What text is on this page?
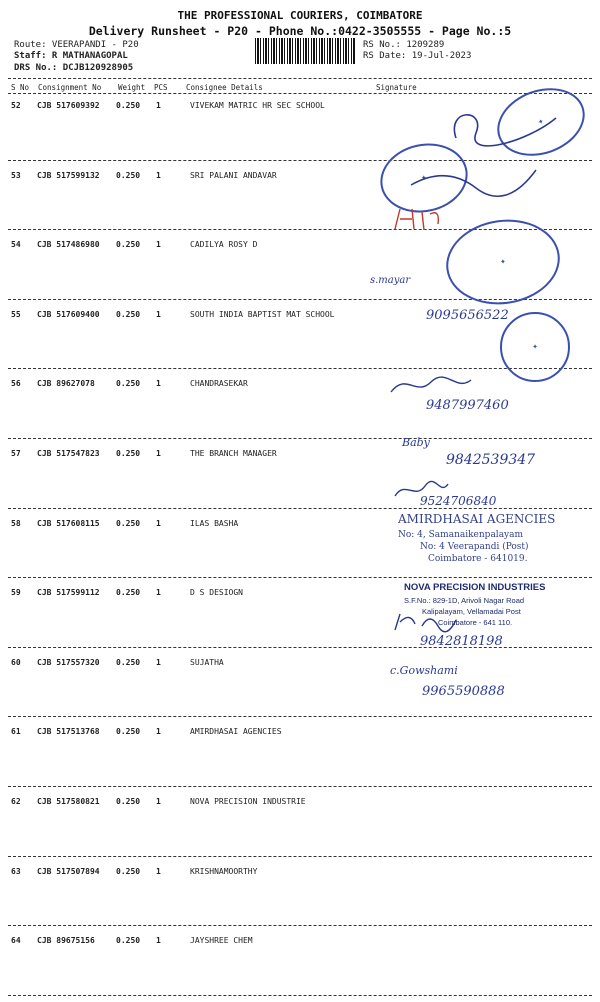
THE PROFESSIONAL COURIERS, COIMBATORE
Delivery Runsheet - P20 - Phone No.:0422-3505555 - Page No.:5
Route: VEERAPANDI - P20
Staff: R MATHANAGOPAL
DRS No.: DCJB120928905
RS No.: 1209289
RS Date: 19-Jul-2023
S No Consignment No Weight PCS Consignee Details	Signature
52 CJB 517609392 0.250 1	VIVEKAM MATRIC HR SEC SCHOOL
53 CJB 517599132 0.250 1	SRI PALANI ANDAVAR
54 CJB 517486980 0.250 1	CADILYA ROSY D
55 CJB 517609400 0.250 1	SOUTH INDIA BAPTIST MAT SCHOOL
56 CJB 89627078	0.250 1	CHANDRASEKAR
57 CJB 517547823 0.250 1	THE BRANCH MANAGER
58 CJB 517608115 0.250 1	ILAS BASHA
59 CJB 517599112 0.250 1	D S DESIOGN
60 CJB 517557320 0.250 1	SUJATHA
61 CJB 517513768 0.250 1	AMIRDHASAI AGENCIES
62 CJB 517580821 0.250 1	NOVA PRECISION INDUSTRIE
63 CJB 517507894 0.250 1	KRISHNAMOORTHY
64 CJB 89675156	0.250 1	JAYSHREE CHEM
✦
✦
✦
s.mayar
9095656522
✦
9487997460
Baby
9842539347
9524706840
AMIRDHASAI AGENCIES
No: 4, Samanaikenpalayam
No: 4 Veerapandi (Post)
Coimbatore - 641019.
NOVA PRECISION INDUSTRIES
S.F.No.: 829-1D, Arivoli Nagar Road
Kalipalayam, Vellamadai Post
Coimbatore - 641 110.
9842818198
c.Gowshami
9965590888
